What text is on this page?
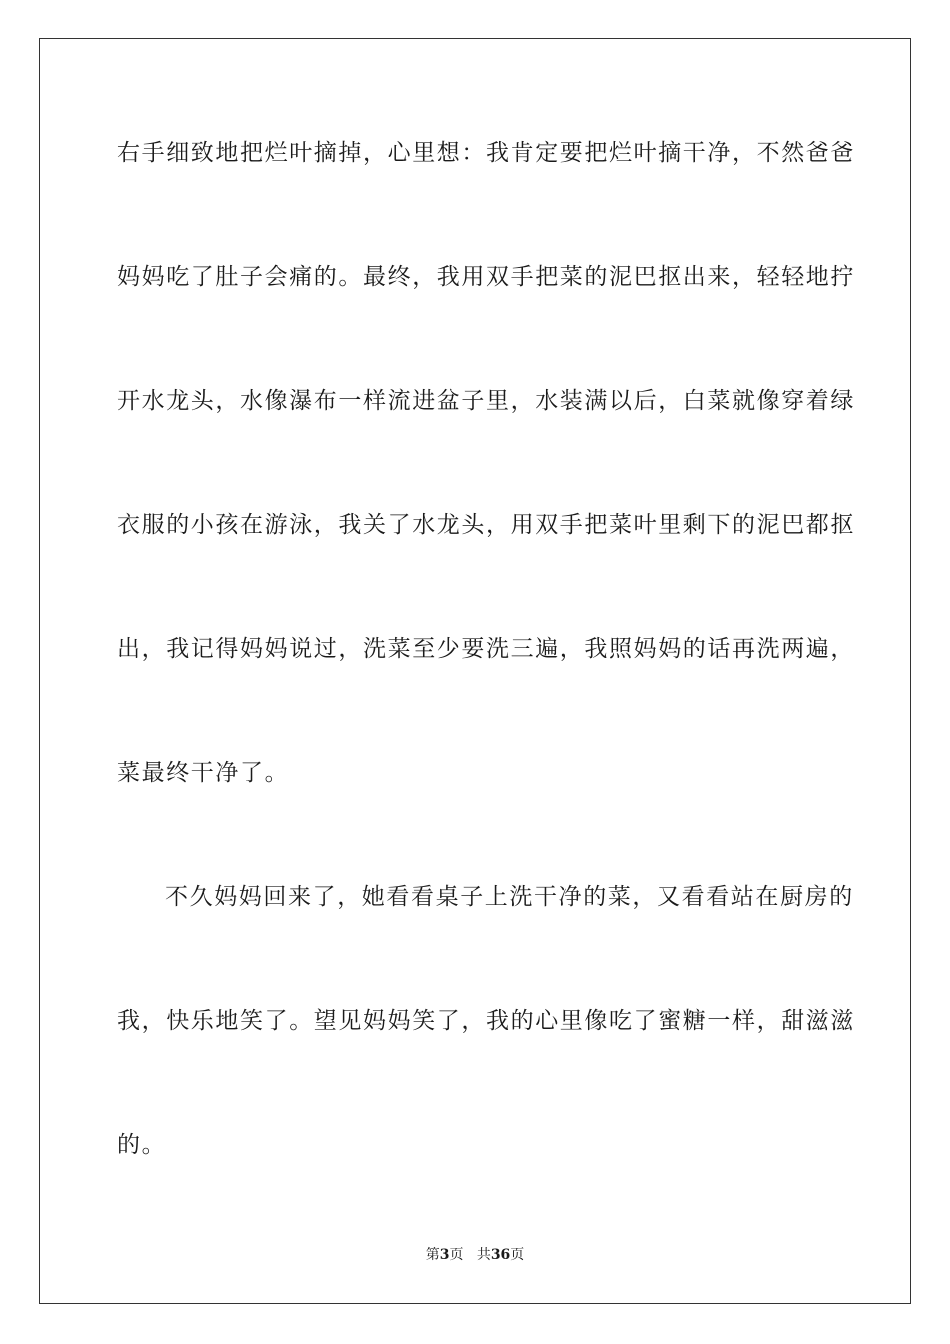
右手细致地把烂叶摘掉，心里想：我肯定要把烂叶摘干净，不然爸爸
妈妈吃了肚子会痛的。最终，我用双手把菜的泥巴抠出来，轻轻地拧
开水龙头，水像瀑布一样流进盆子里，水装满以后，白菜就像穿着绿
衣服的小孩在游泳，我关了水龙头，用双手把菜叶里剩下的泥巴都抠
出，我记得妈妈说过，洗菜至少要洗三遍，我照妈妈的话再洗两遍，
菜最终干净了。
不久妈妈回来了，她看看桌子上洗干净的菜，又看看站在厨房的
我，快乐地笑了。望见妈妈笑了，我的心里像吃了蜜糖一样，甜滋滋
的。
第3页 共36页
